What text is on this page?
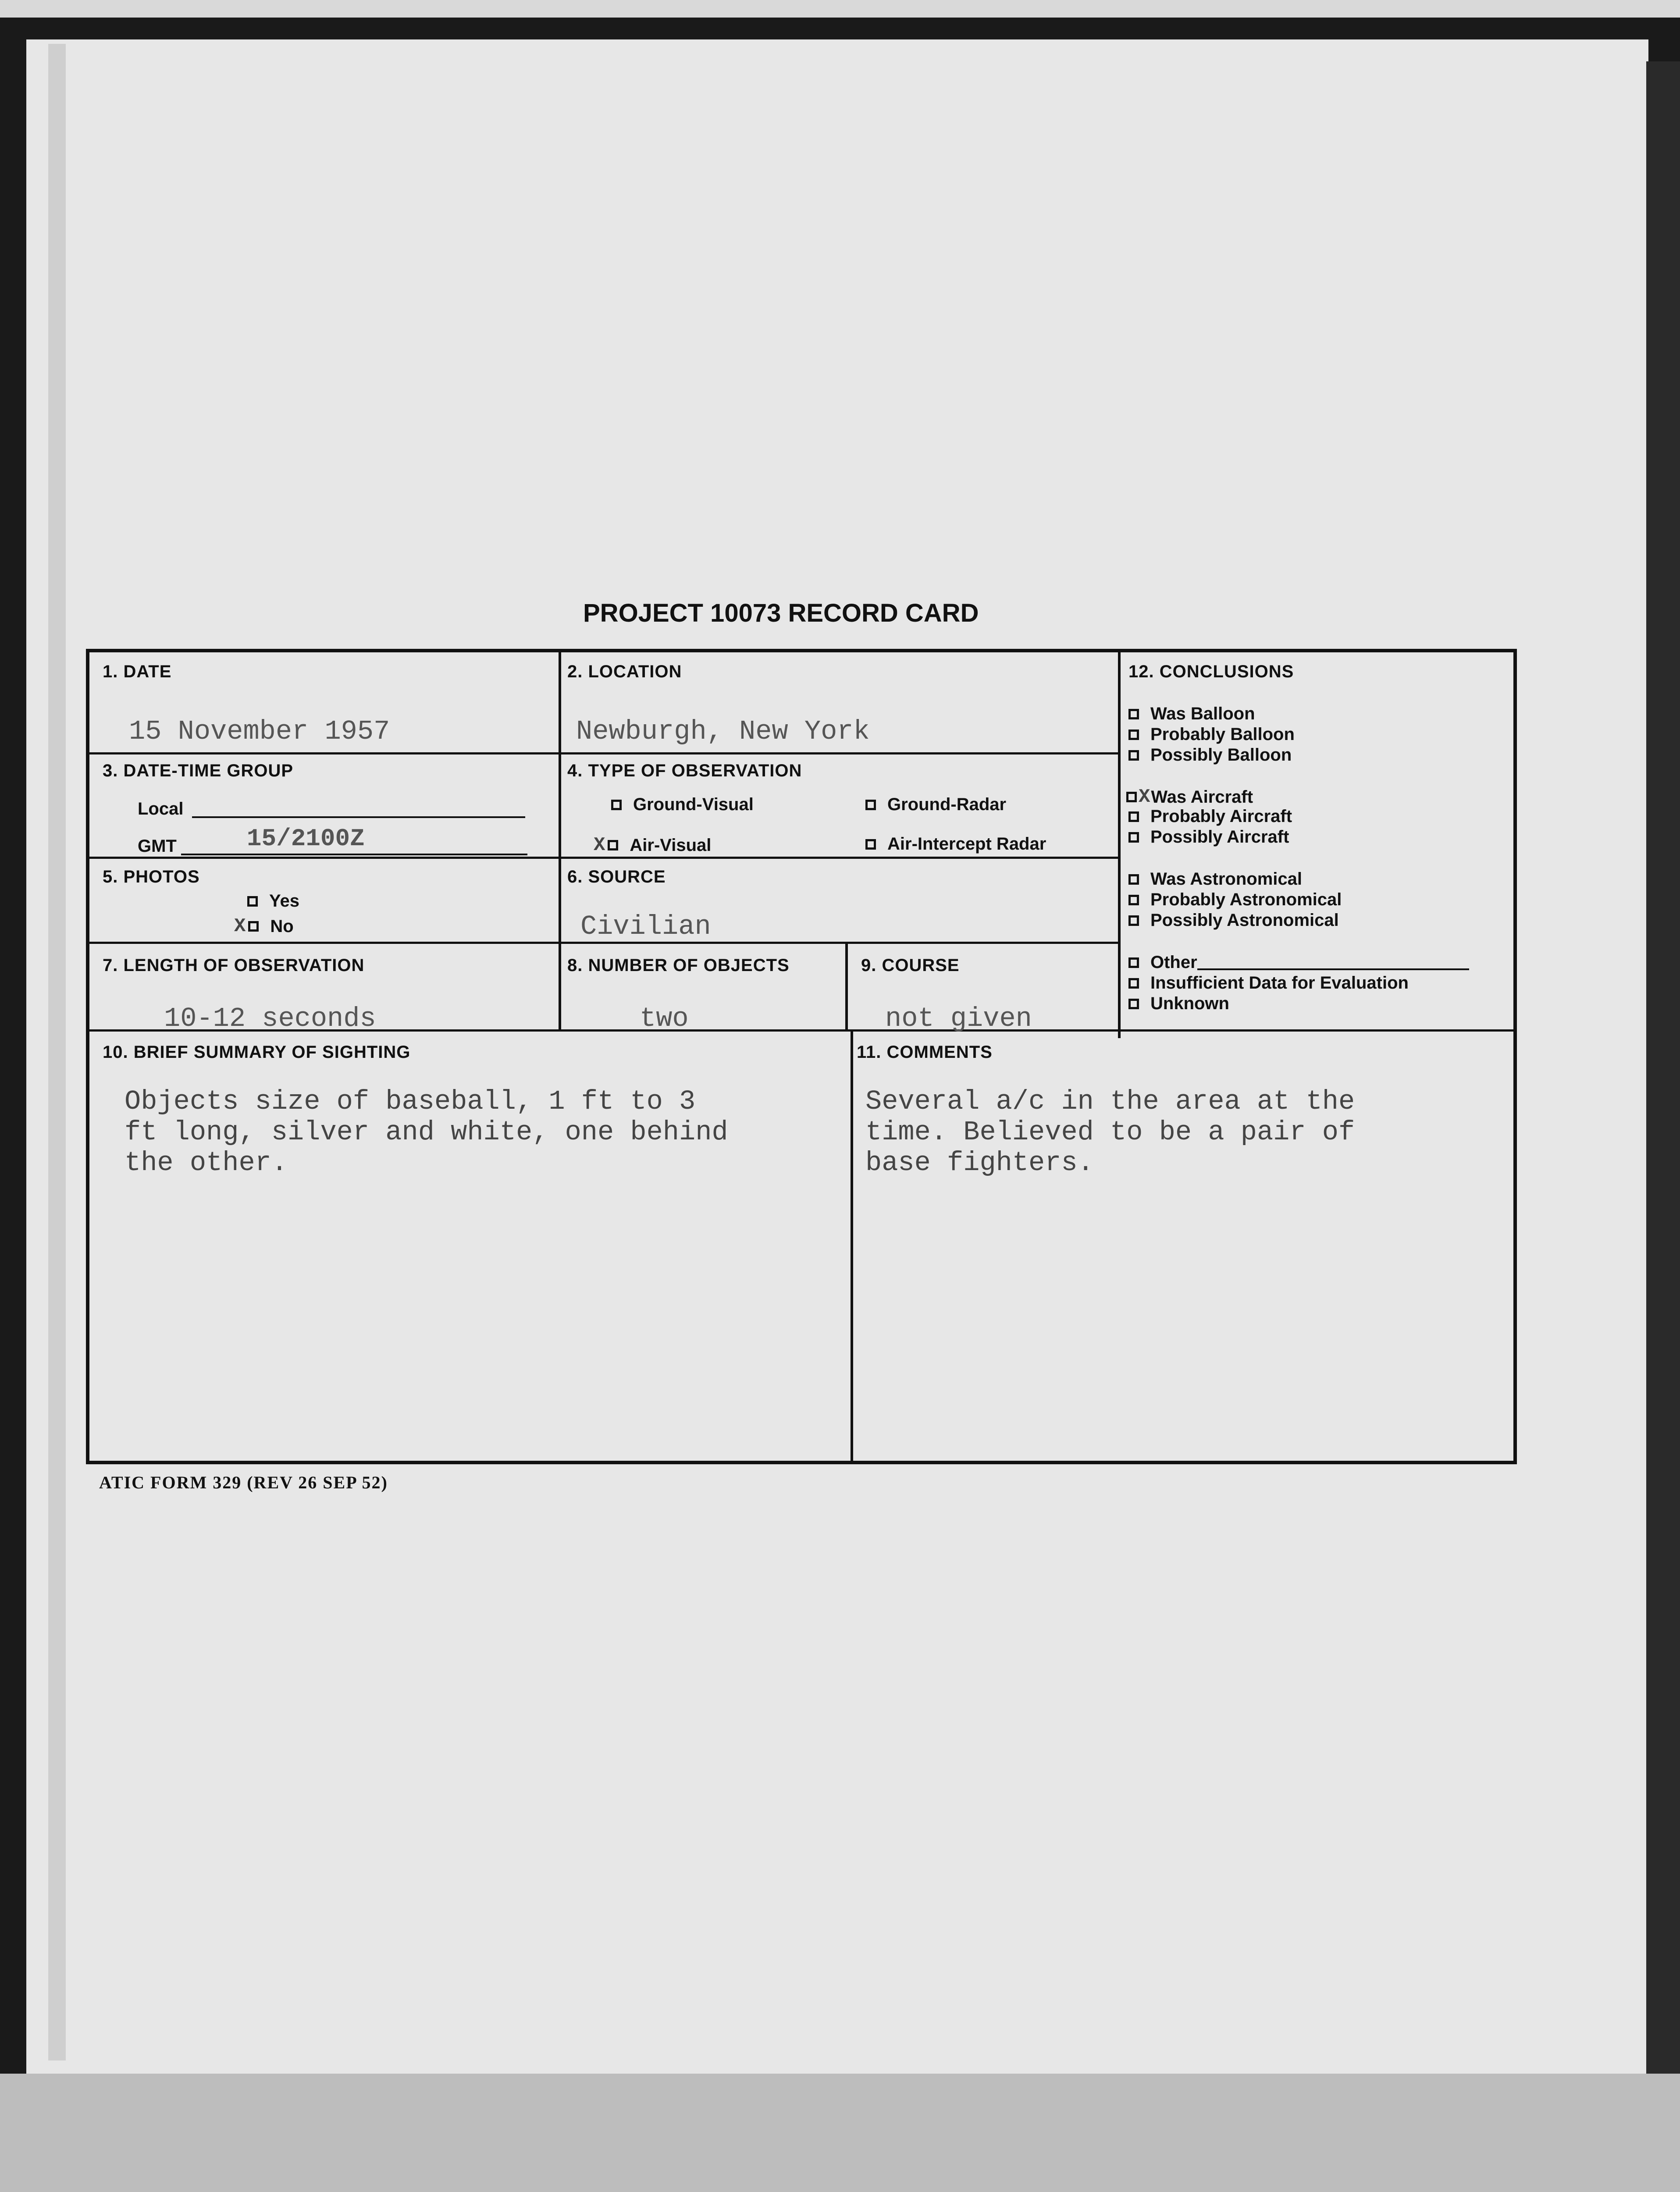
PROJECT 10073 RECORD CARD
1. DATE
15 November 1957
2. LOCATION
Newburgh, New York
3. DATE-TIME GROUP
Local
GMT	15/2100Z
4. TYPE OF OBSERVATION
Ground-Visual	Ground-Radar
X Air-Visual	Air-Intercept Radar
5. PHOTOS
Yes
X No
6. SOURCE
Civilian
7. LENGTH OF OBSERVATION
10-12 seconds
8. NUMBER OF OBJECTS
two
9. COURSE
not given
10. BRIEF SUMMARY OF SIGHTING
Objects size of baseball, 1 ft to 3
ft long, silver and white, one behind
the other.
11. COMMENTS
Several a/c in the area at the
time. Believed to be a pair of
base fighters.
12. CONCLUSIONS
Was Balloon
Probably Balloon
Possibly Balloon
X Was Aircraft
Probably Aircraft
Possibly Aircraft
Was Astronomical
Probably Astronomical
Possibly Astronomical
Other
Insufficient Data for Evaluation
Unknown
ATIC FORM 329 (REV 26 SEP 52)
